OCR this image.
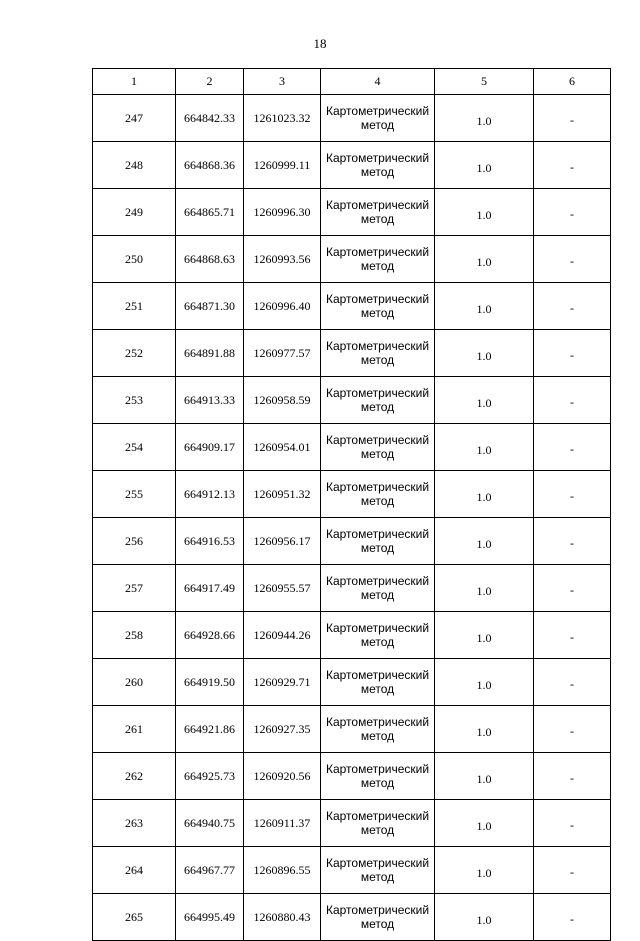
18
1	2	3	4	5	6
247	664842.33	1261023.32	Картометрический метод	1.0	-
248	664868.36	1260999.11	Картометрический метод	1.0	-
249	664865.71	1260996.30	Картометрический метод	1.0	-
250	664868.63	1260993.56	Картометрический метод	1.0	-
251	664871.30	1260996.40	Картометрический метод	1.0	-
252	664891.88	1260977.57	Картометрический метод	1.0	-
253	664913.33	1260958.59	Картометрический метод	1.0	-
254	664909.17	1260954.01	Картометрический метод	1.0	-
255	664912.13	1260951.32	Картометрический метод	1.0	-
256	664916.53	1260956.17	Картометрический метод	1.0	-
257	664917.49	1260955.57	Картометрический метод	1.0	-
258	664928.66	1260944.26	Картометрический метод	1.0	-
260	664919.50	1260929.71	Картометрический метод	1.0	-
261	664921.86	1260927.35	Картометрический метод	1.0	-
262	664925.73	1260920.56	Картометрический метод	1.0	-
263	664940.75	1260911.37	Картометрический метод	1.0	-
264	664967.77	1260896.55	Картометрический метод	1.0	-
265	664995.49	1260880.43	Картометрический метод	1.0	-
